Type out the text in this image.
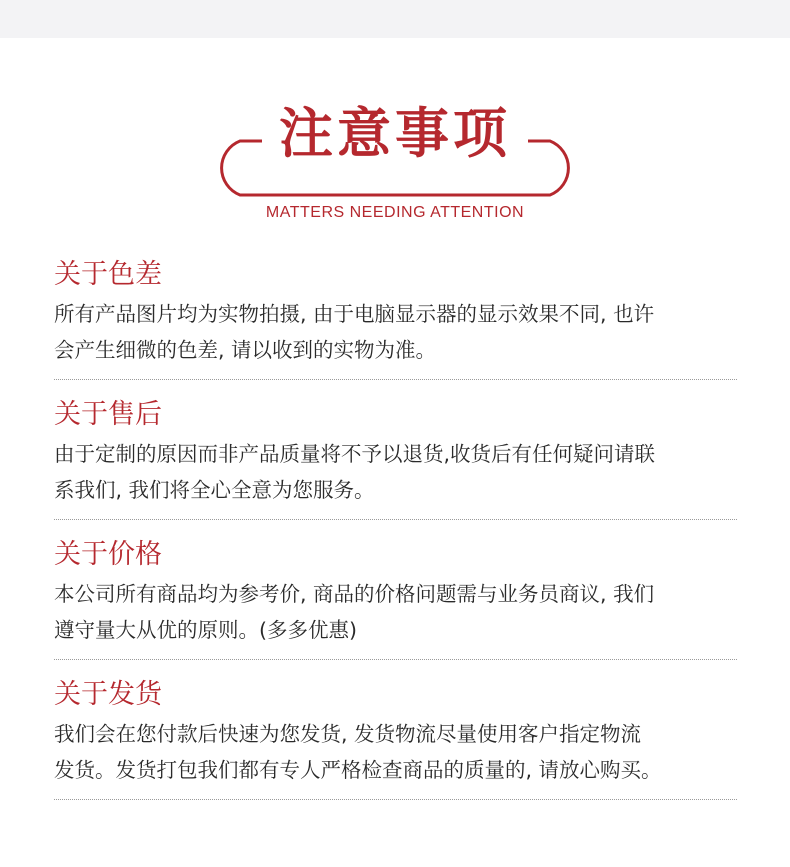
注意事项
MATTERS NEEDING ATTENTION
关于色差
所有产品图片均为实物拍摄, 由于电脑显示器的显示效果不同, 也许
会产生细微的色差, 请以收到的实物为准。
关于售后
由于定制的原因而非产品质量将不予以退货,收货后有任何疑问请联
系我们, 我们将全心全意为您服务。
关于价格
本公司所有商品均为参考价, 商品的价格问题需与业务员商议, 我们
遵守量大从优的原则。(多多优惠)
关于发货
我们会在您付款后快速为您发货, 发货物流尽量使用客户指定物流
发货。发货打包我们都有专人严格检查商品的质量的, 请放心购买。
